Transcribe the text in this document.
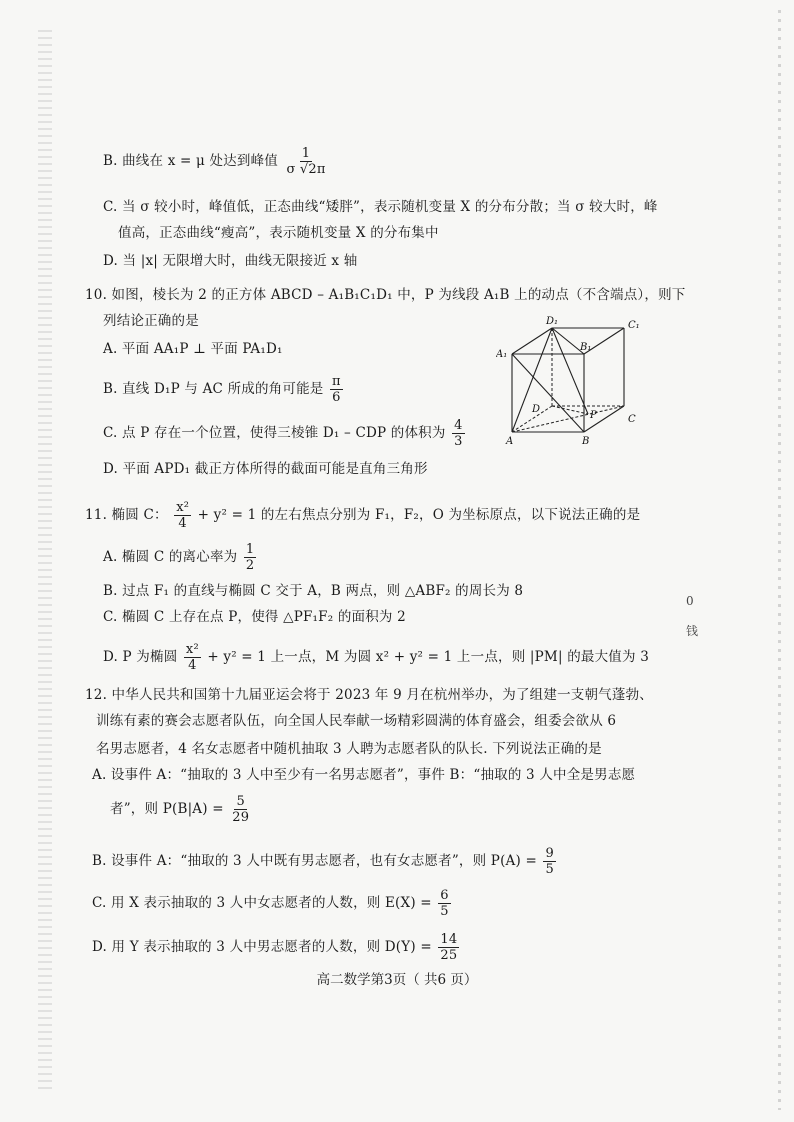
B. 曲线在 x = μ 处达到峰值 $\frac{1}{\sigma √2\pi}$
C. 当 σ 较小时，峰值低，正态曲线“矮胖”，表示随机变量 X 的分布分散；当 σ 较大时，峰
值高，正态曲线“瘦高”，表示随机变量 X 的分布集中
D. 当 |x| 无限增大时，曲线无限接近 x 轴
10. 如图，棱长为 2 的正方体 ABCD – A₁B₁C₁D₁ 中，P 为线段 A₁B 上的动点（不含端点），则下
列结论正确的是
A. 平面 AA₁P ⊥ 平面 PA₁D₁
B. 直线 D₁P 与 AC 所成的角可能是 $\frac{\pi}{6}$
C. 点 P 存在一个位置，使得三棱锥 D₁ – CDP 的体积为 $\frac{4}{3}$
D. 平面 APD₁ 截正方体所得的截面可能是直角三角形
D₁	C₁
A₁
B₁
D
C
A	B
P
11. 椭圆 C： $\frac{\text{x²}}{4} + y^2 = 1$ 的左右焦点分别为 F₁，F₂，O 为坐标原点，以下说法正确的是
A. 椭圆 C 的离心率为 $\frac{1}{2}$
B. 过点 F₁ 的直线与椭圆 C 交于 A，B 两点，则 △ABF₂ 的周长为 8
C. 椭圆 C 上存在点 P，使得 △PF₁F₂ 的面积为 2
D. P 为椭圆 $\frac{\text{x²}}{4} + y^2 = 1$ 上一点，M 为圆 x² + y² = 1 上一点，则 |PM| 的最大值为 3
12. 中华人民共和国第十九届亚运会将于 2023 年 9 月在杭州举办，为了组建一支朝气蓬勃、
训练有素的赛会志愿者队伍，向全国人民奉献一场精彩圆满的体育盛会，组委会欲从 6
名男志愿者，4 名女志愿者中随机抽取 3 人聘为志愿者队的队长. 下列说法正确的是
A. 设事件 A：“抽取的 3 人中至少有一名男志愿者”，事件 B：“抽取的 3 人中全是男志愿
者”，则 $P(B|A) = \frac{5}{29}$
B. 设事件 A：“抽取的 3 人中既有男志愿者，也有女志愿者”，则 $P(A) = \frac{9}{5}$
C. 用 X 表示抽取的 3 人中女志愿者的人数，则 $E(X) = \frac{6}{5}$
D. 用 Y 表示抽取的 3 人中男志愿者的人数，则 $D(Y) = \frac{14}{25}$
高二数学第3页（ 共6 页）
0
钱
